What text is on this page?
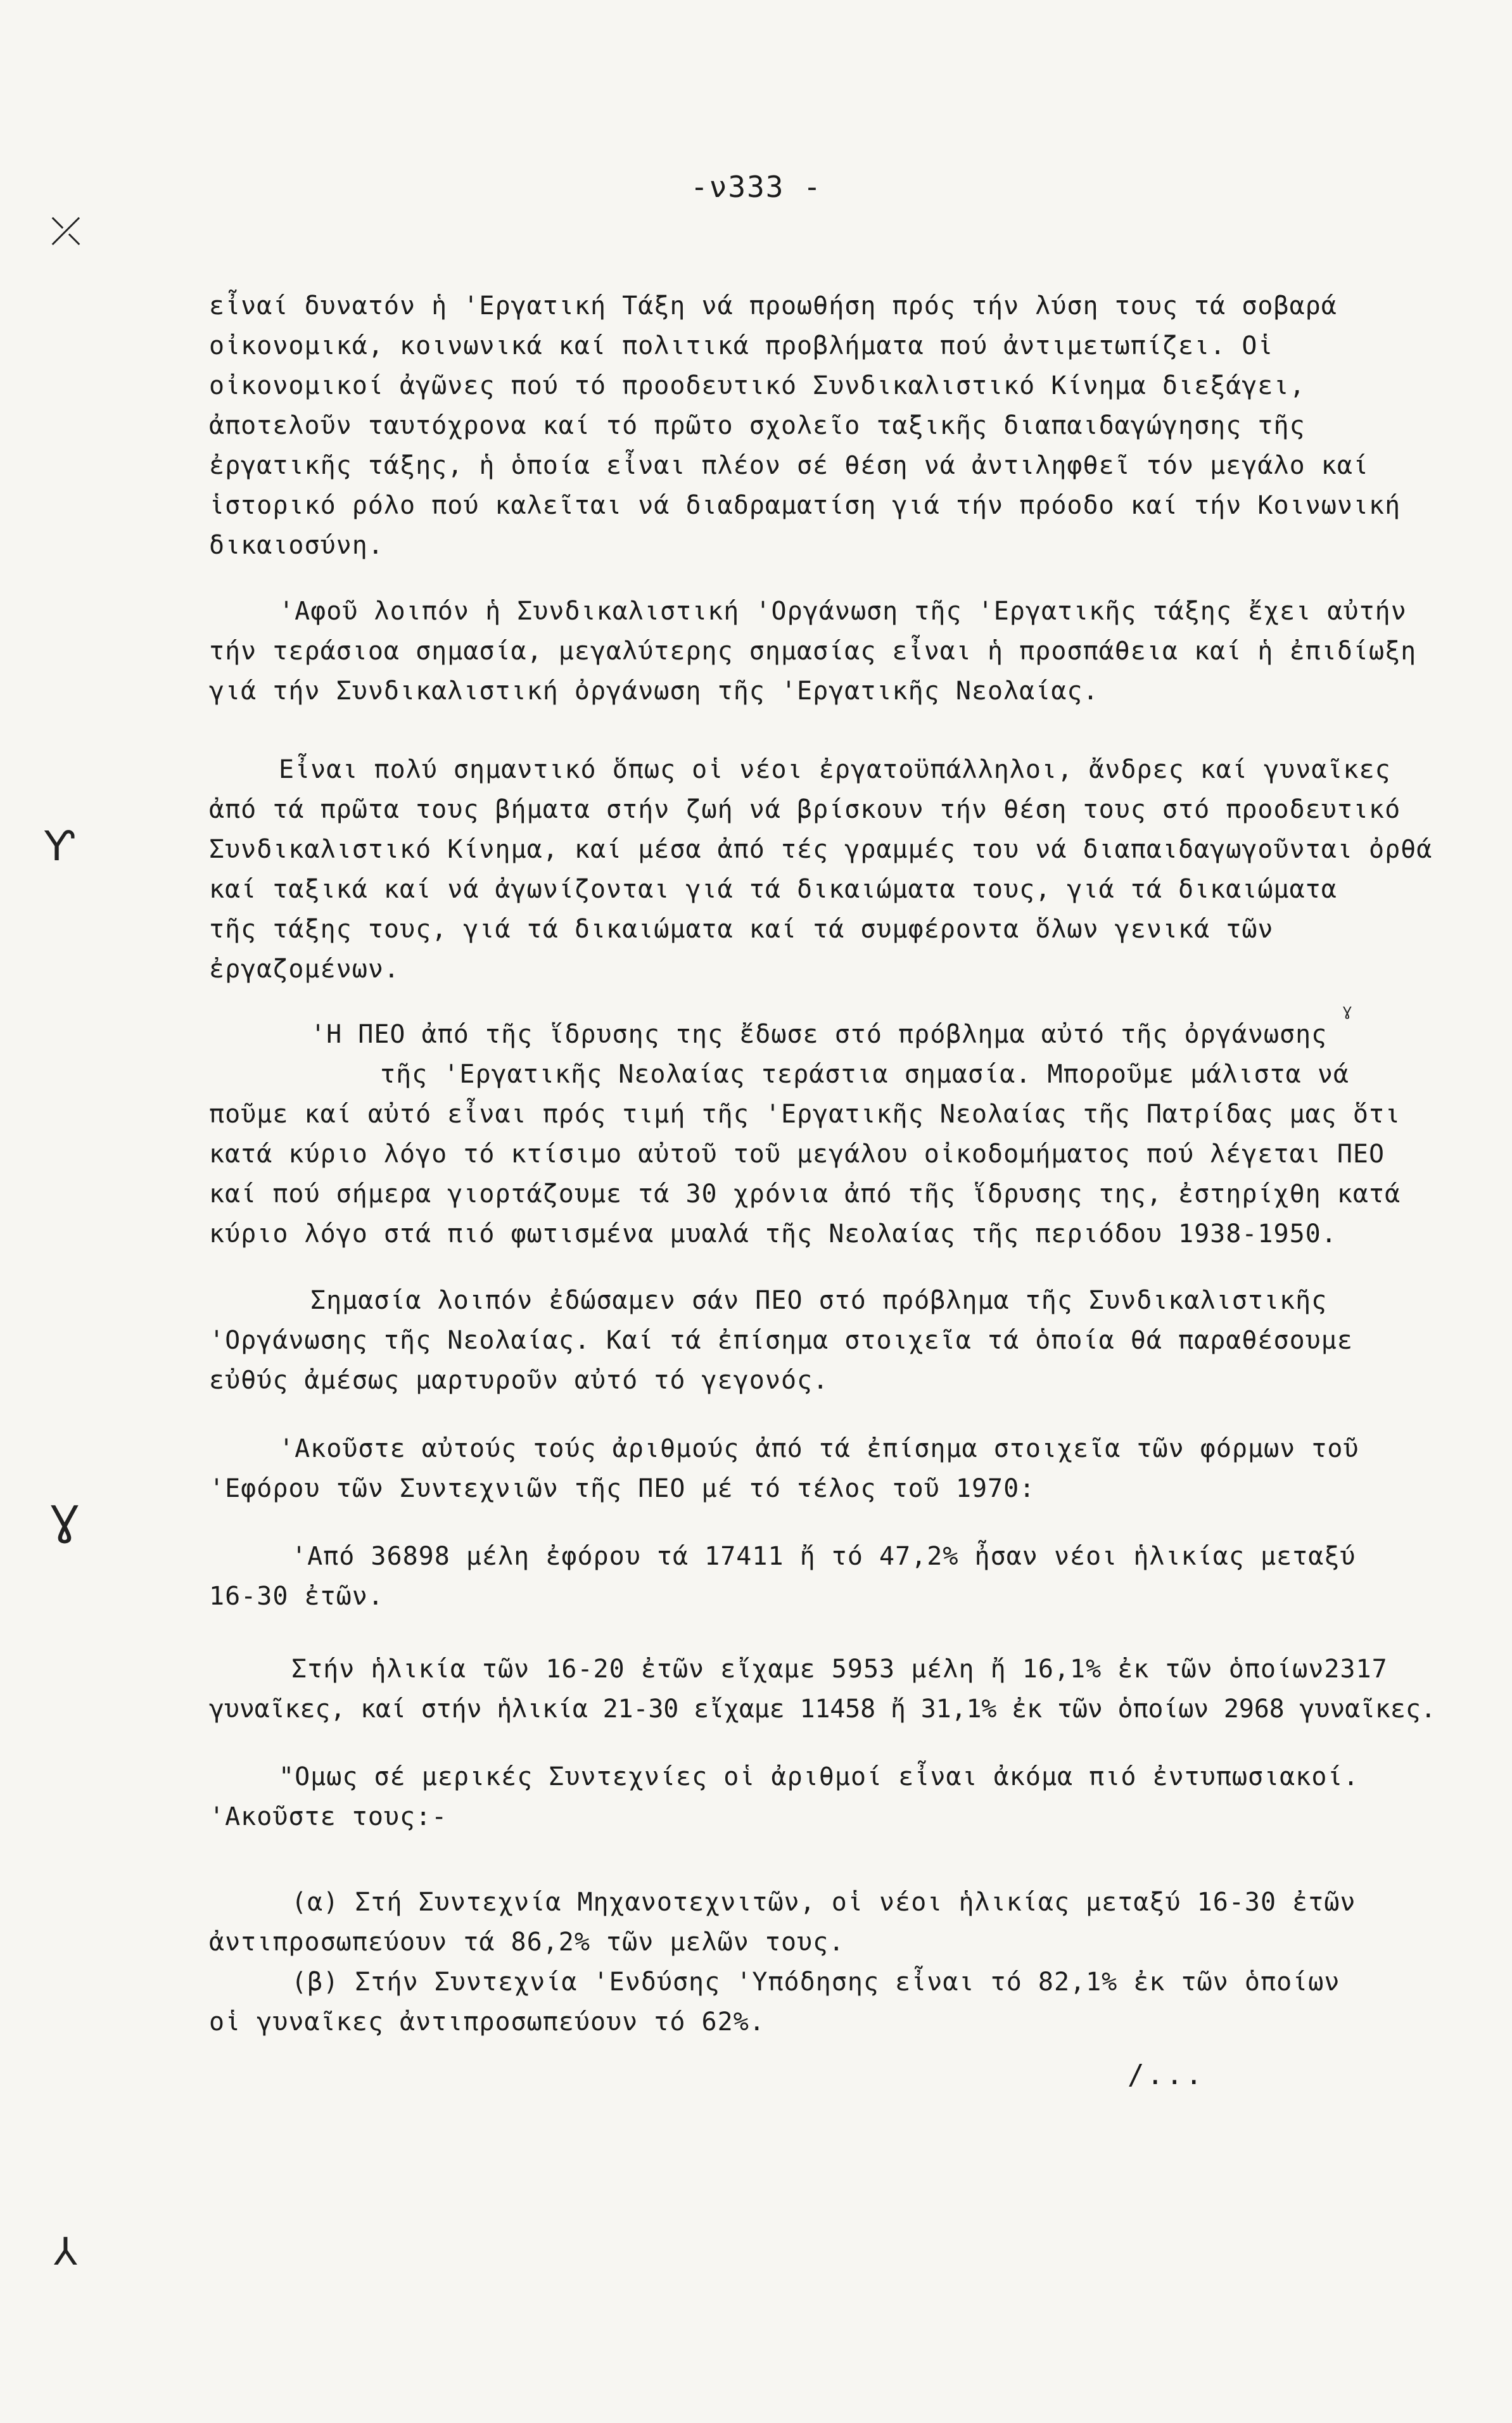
-ν333 -
⤫
Ƴ
Ɣ
⅄
Ɣ
εἶναί δυνατόν ἡ 'Εργατική Τάξη νά προωθήση πρός τήν λύση τους τά σοβαρά
οἰκονομικά, κοινωνικά καί πολιτικά προβλήματα πού ἀντιμετωπίζει. Οἱ
οἰκονομικοί ἀγῶνες πού τό προοδευτικό Συνδικαλιστικό Κίνημα διεξάγει,
ἀποτελοῦν ταυτόχρονα καί τό πρῶτο σχολεῖο ταξικῆς διαπαιδαγώγησης τῆς
ἐργατικῆς τάξης, ἡ ὁποία εἶναι πλέον σέ θέση νά ἀντιληφθεῖ τόν μεγάλο καί
ἱστορικό ρόλο πού καλεῖται νά διαδραματίση γιά τήν πρόοδο καί τήν Κοινωνική
δικαιοσύνη.
'Αφοῦ λοιπόν ἡ Συνδικαλιστική 'Οργάνωση τῆς 'Εργατικῆς τάξης ἔχει αὐτήν
τήν τεράσιοα σημασία, μεγαλύτερης σημασίας εἶναι ἡ προσπάθεια καί ἡ ἐπιδίωξη
γιά τήν Συνδικαλιστική ὀργάνωση τῆς 'Εργατικῆς Νεολαίας.
Εἶναι πολύ σημαντικό ὅπως οἱ νέοι ἐργατοϋπάλληλοι, ἄνδρες καί γυναῖκες
ἀπό τά πρῶτα τους βήματα στήν ζωή νά βρίσκουν τήν θέση τους στό προοδευτικό
Συνδικαλιστικό Κίνημα, καί μέσα ἀπό τές γραμμές του νά διαπαιδαγωγοῦνται ὀρθά
καί ταξικά καί νά ἀγωνίζονται γιά τά δικαιώματα τους, γιά τά δικαιώματα
τῆς τάξης τους, γιά τά δικαιώματα καί τά συμφέροντα ὅλων γενικά τῶν
ἐργαζομένων.
'Η ΠΕΟ ἀπό τῆς ἵδρυσης της ἔδωσε στό πρόβλημα αὐτό τῆς ὀργάνωσης
τῆς 'Εργατικῆς Νεολαίας τεράστια σημασία. Μποροῦμε μάλιστα νά
ποῦμε καί αὐτό εἶναι πρός τιμή τῆς 'Εργατικῆς Νεολαίας τῆς Πατρίδας μας ὅτι
κατά κύριο λόγο τό κτίσιμο αὐτοῦ τοῦ μεγάλου οἰκοδομήματος πού λέγεται ΠΕΟ
καί πού σήμερα γιορτάζουμε τά 30 χρόνια ἀπό τῆς ἵδρυσης της, ἐστηρίχθη κατά
κύριο λόγο στά πιό φωτισμένα μυαλά τῆς Νεολαίας τῆς περιόδου 1938-1950.
Σημασία λοιπόν ἐδώσαμεν σάν ΠΕΟ στό πρόβλημα τῆς Συνδικαλιστικῆς
'Οργάνωσης τῆς Νεολαίας. Καί τά ἐπίσημα στοιχεῖα τά ὁποία θά παραθέσουμε
εὐθύς ἀμέσως μαρτυροῦν αὐτό τό γεγονός.
'Ακοῦστε αὐτούς τούς ἀριθμούς ἀπό τά ἐπίσημα στοιχεῖα τῶν φόρμων τοῦ
'Εφόρου τῶν Συντεχνιῶν τῆς ΠΕΟ μέ τό τέλος τοῦ 1970:
'Από 36898 μέλη ἐφόρου τά 17411 ἤ τό 47,2% ἦσαν νέοι ἡλικίας μεταξύ
16-30 ἐτῶν.
Στήν ἡλικία τῶν 16-20 ἐτῶν εἴχαμε 5953 μέλη ἤ 16,1% ἐκ τῶν ὁποίων2317
γυναῖκες, καί στήν ἡλικία 21-30 εἴχαμε 11458 ἤ 31,1% ἐκ τῶν ὁποίων 2968 γυναῖκες.
"Ομως σέ μερικές Συντεχνίες οἱ ἀριθμοί εἶναι ἀκόμα πιό ἐντυπωσιακοί.
'Ακοῦστε τους:-
(α) Στή Συντεχνία Μηχανοτεχνιτῶν, οἱ νέοι ἡλικίας μεταξύ 16-30 ἐτῶν
ἀντιπροσωπεύουν τά 86,2% τῶν μελῶν τους.
(β) Στήν Συντεχνία 'Ενδύσης 'Υπόδησης εἶναι τό 82,1% ἐκ τῶν ὁποίων
οἱ γυναῖκες ἀντιπροσωπεύουν τό 62%.
/...
